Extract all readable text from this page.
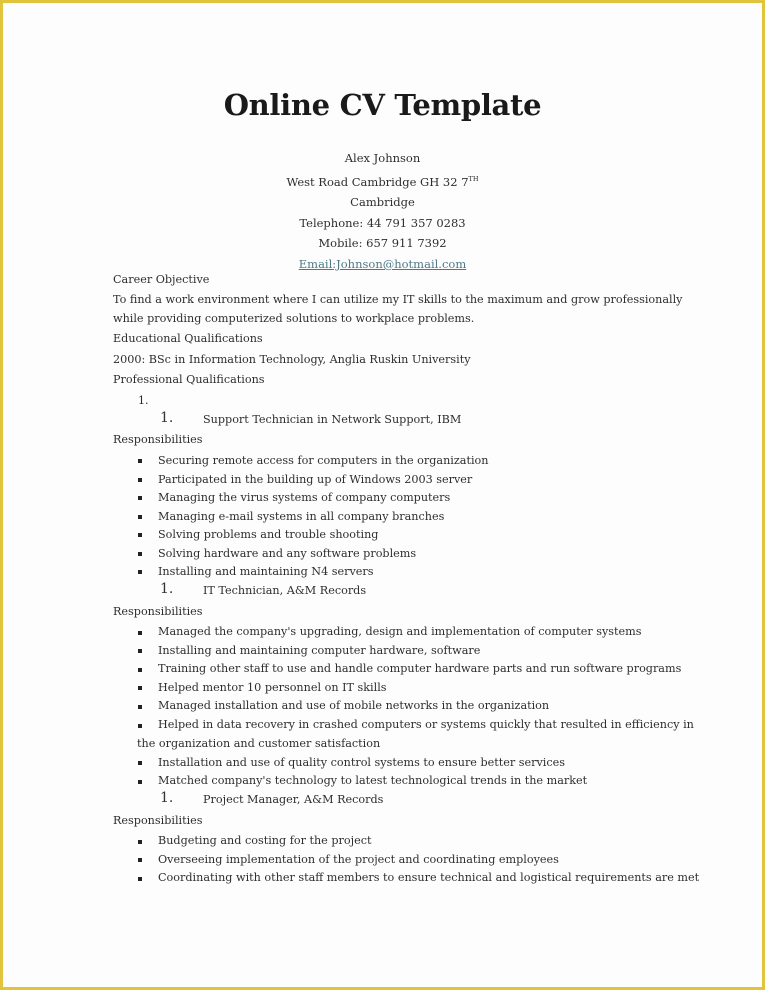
Online CV Template
Alex Johnson
West Road Cambridge GH 32 7TH
Cambridge
Telephone: 44 791 357 0283
Mobile: 657 911 7392
Email:Johnson@hotmail.com
Career Objective
To find a work environment where I can utilize my IT skills to the maximum and grow professionally
while providing computerized solutions to workplace problems.
Educational Qualifications
2000: BSc in Information Technology, Anglia Ruskin University
Professional Qualifications
1.
1.	Support Technician in Network Support, IBM
Responsibilities
Securing remote access for computers in the organization
Participated in the building up of Windows 2003 server
Managing the virus systems of company computers
Managing e-mail systems in all company branches
Solving problems and trouble shooting
Solving hardware and any software problems
Installing and maintaining N4 servers
1.	IT Technician, A&M Records
Responsibilities
Managed the company's upgrading, design and implementation of computer systems
Installing and maintaining computer hardware, software
Training other staff to use and handle computer hardware parts and run software programs
Helped mentor 10 personnel on IT skills
Managed installation and use of mobile networks in the organization
Helped in data recovery in crashed computers or systems quickly that resulted in efficiency in
the organization and customer satisfaction
Installation and use of quality control systems to ensure better services
Matched company's technology to latest technological trends in the market
1.	Project Manager, A&M Records
Responsibilities
Budgeting and costing for the project
Overseeing implementation of the project and coordinating employees
Coordinating with other staff members to ensure technical and logistical requirements are met
